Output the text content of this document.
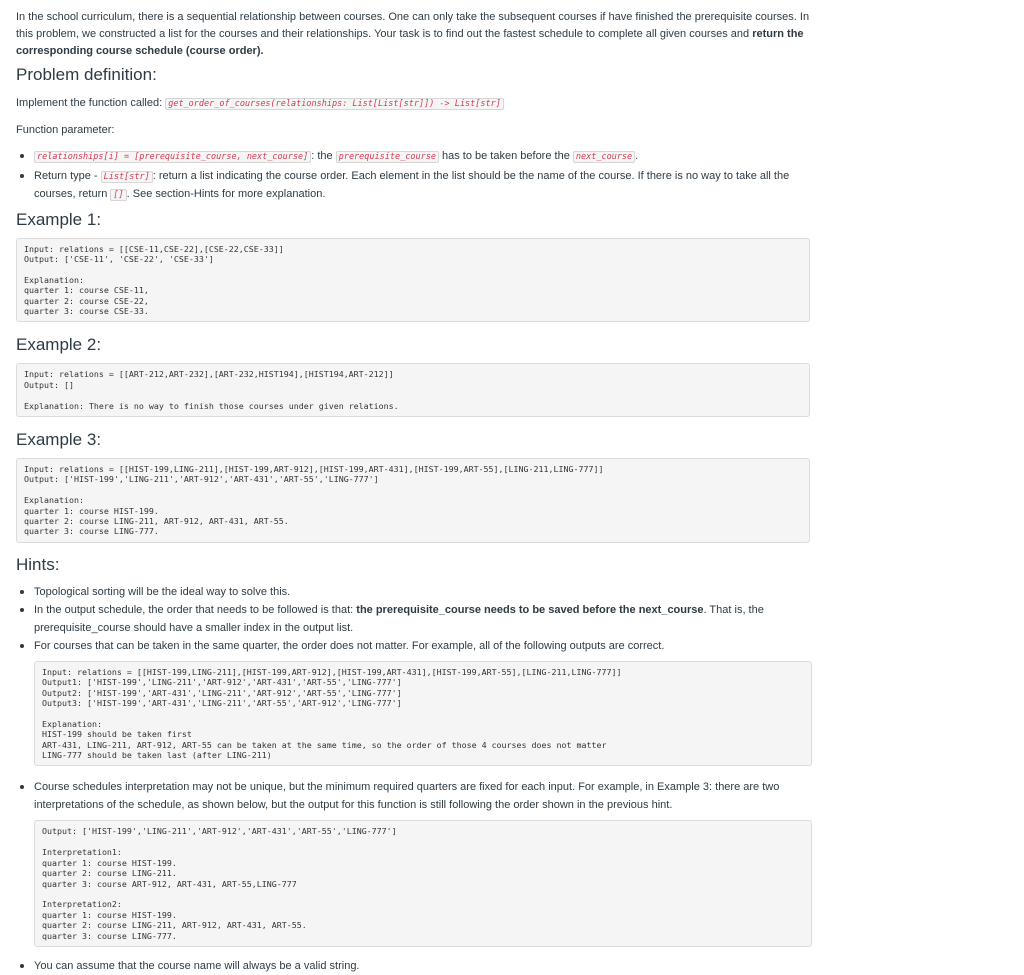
In the school curriculum, there is a sequential relationship between courses. One can only take the subsequent courses if have finished the prerequisite courses. In this problem, we constructed a list for the courses and their relationships. Your task is to find out the fastest schedule to complete all given courses and return the corresponding course schedule (course order).

Problem definition:

Implement the function called: get_order_of_courses(relationships: List[List[str]]) -> List[str]

Function parameter:

• relationships[i] = [prerequisite_course, next_course] : the prerequisite_course has to be taken before the next_course .
• Return type - List[str] : return a list indicating the course order. Each element in the list should be the name of the course. If there is no way to take all the courses, return [] . See section-Hints for more explanation.
Example 1:
Input: relations = [[CSE-11,CSE-22],[CSE-22,CSE-33]]
Output: ['CSE-11', 'CSE-22', 'CSE-33']

Explanation:
quarter 1: course CSE-11,
quarter 2: course CSE-22,
quarter 3: course CSE-33.
Example 2:
Input: relations = [[ART-212,ART-232],[ART-232,HIST194],[HIST194,ART-212]]
Output: []

Explanation: There is no way to finish those courses under given relations.
Example 3:
Input: relations = [[HIST-199,LING-211],[HIST-199,ART-912],[HIST-199,ART-431],[HIST-199,ART-55],[LING-211,LING-777]]
Output: ['HIST-199','LING-211','ART-912','ART-431','ART-55','LING-777']

Explanation:
quarter 1: course HIST-199.
quarter 2: course LING-211, ART-912, ART-431, ART-55.
quarter 3: course LING-777.
Hints:
• Topological sorting will be the ideal way to solve this.
• In the output schedule, the order that needs to be followed is that: the prerequisite_course needs to be saved before the next_course. That is, the prerequisite_course should have a smaller index in the output list.
• For courses that can be taken in the same quarter, the order does not matter. For example, all of the following outputs are correct.
Input: relations = [[HIST-199,LING-211],[HIST-199,ART-912],[HIST-199,ART-431],[HIST-199,ART-55],[LING-211,LING-777]]
Output1: ['HIST-199','LING-211','ART-912','ART-431','ART-55','LING-777']
Output2: ['HIST-199','ART-431','LING-211','ART-912','ART-55','LING-777']
Output3: ['HIST-199','ART-431','LING-211','ART-55','ART-912','LING-777']

Explanation:
HIST-199 should be taken first
ART-431, LING-211, ART-912, ART-55 can be taken at the same time, so the order of those 4 courses does not matter
LING-777 should be taken last (after LING-211)
• Course schedules interpretation may not be unique, but the minimum required quarters are fixed for each input. For example, in Example 3: there are two interpretations of the schedule, as shown below, but the output for this function is still following the order shown in the previous hint.
Output: ['HIST-199','LING-211','ART-912','ART-431','ART-55','LING-777']

Interpretation1:
quarter 1: course HIST-199.
quarter 2: course LING-211.
quarter 3: course ART-912, ART-431, ART-55,LING-777

Interpretation2:
quarter 1: course HIST-199.
quarter 2: course LING-211, ART-912, ART-431, ART-55.
quarter 3: course LING-777.
• You can assume that the course name will always be a valid string.
